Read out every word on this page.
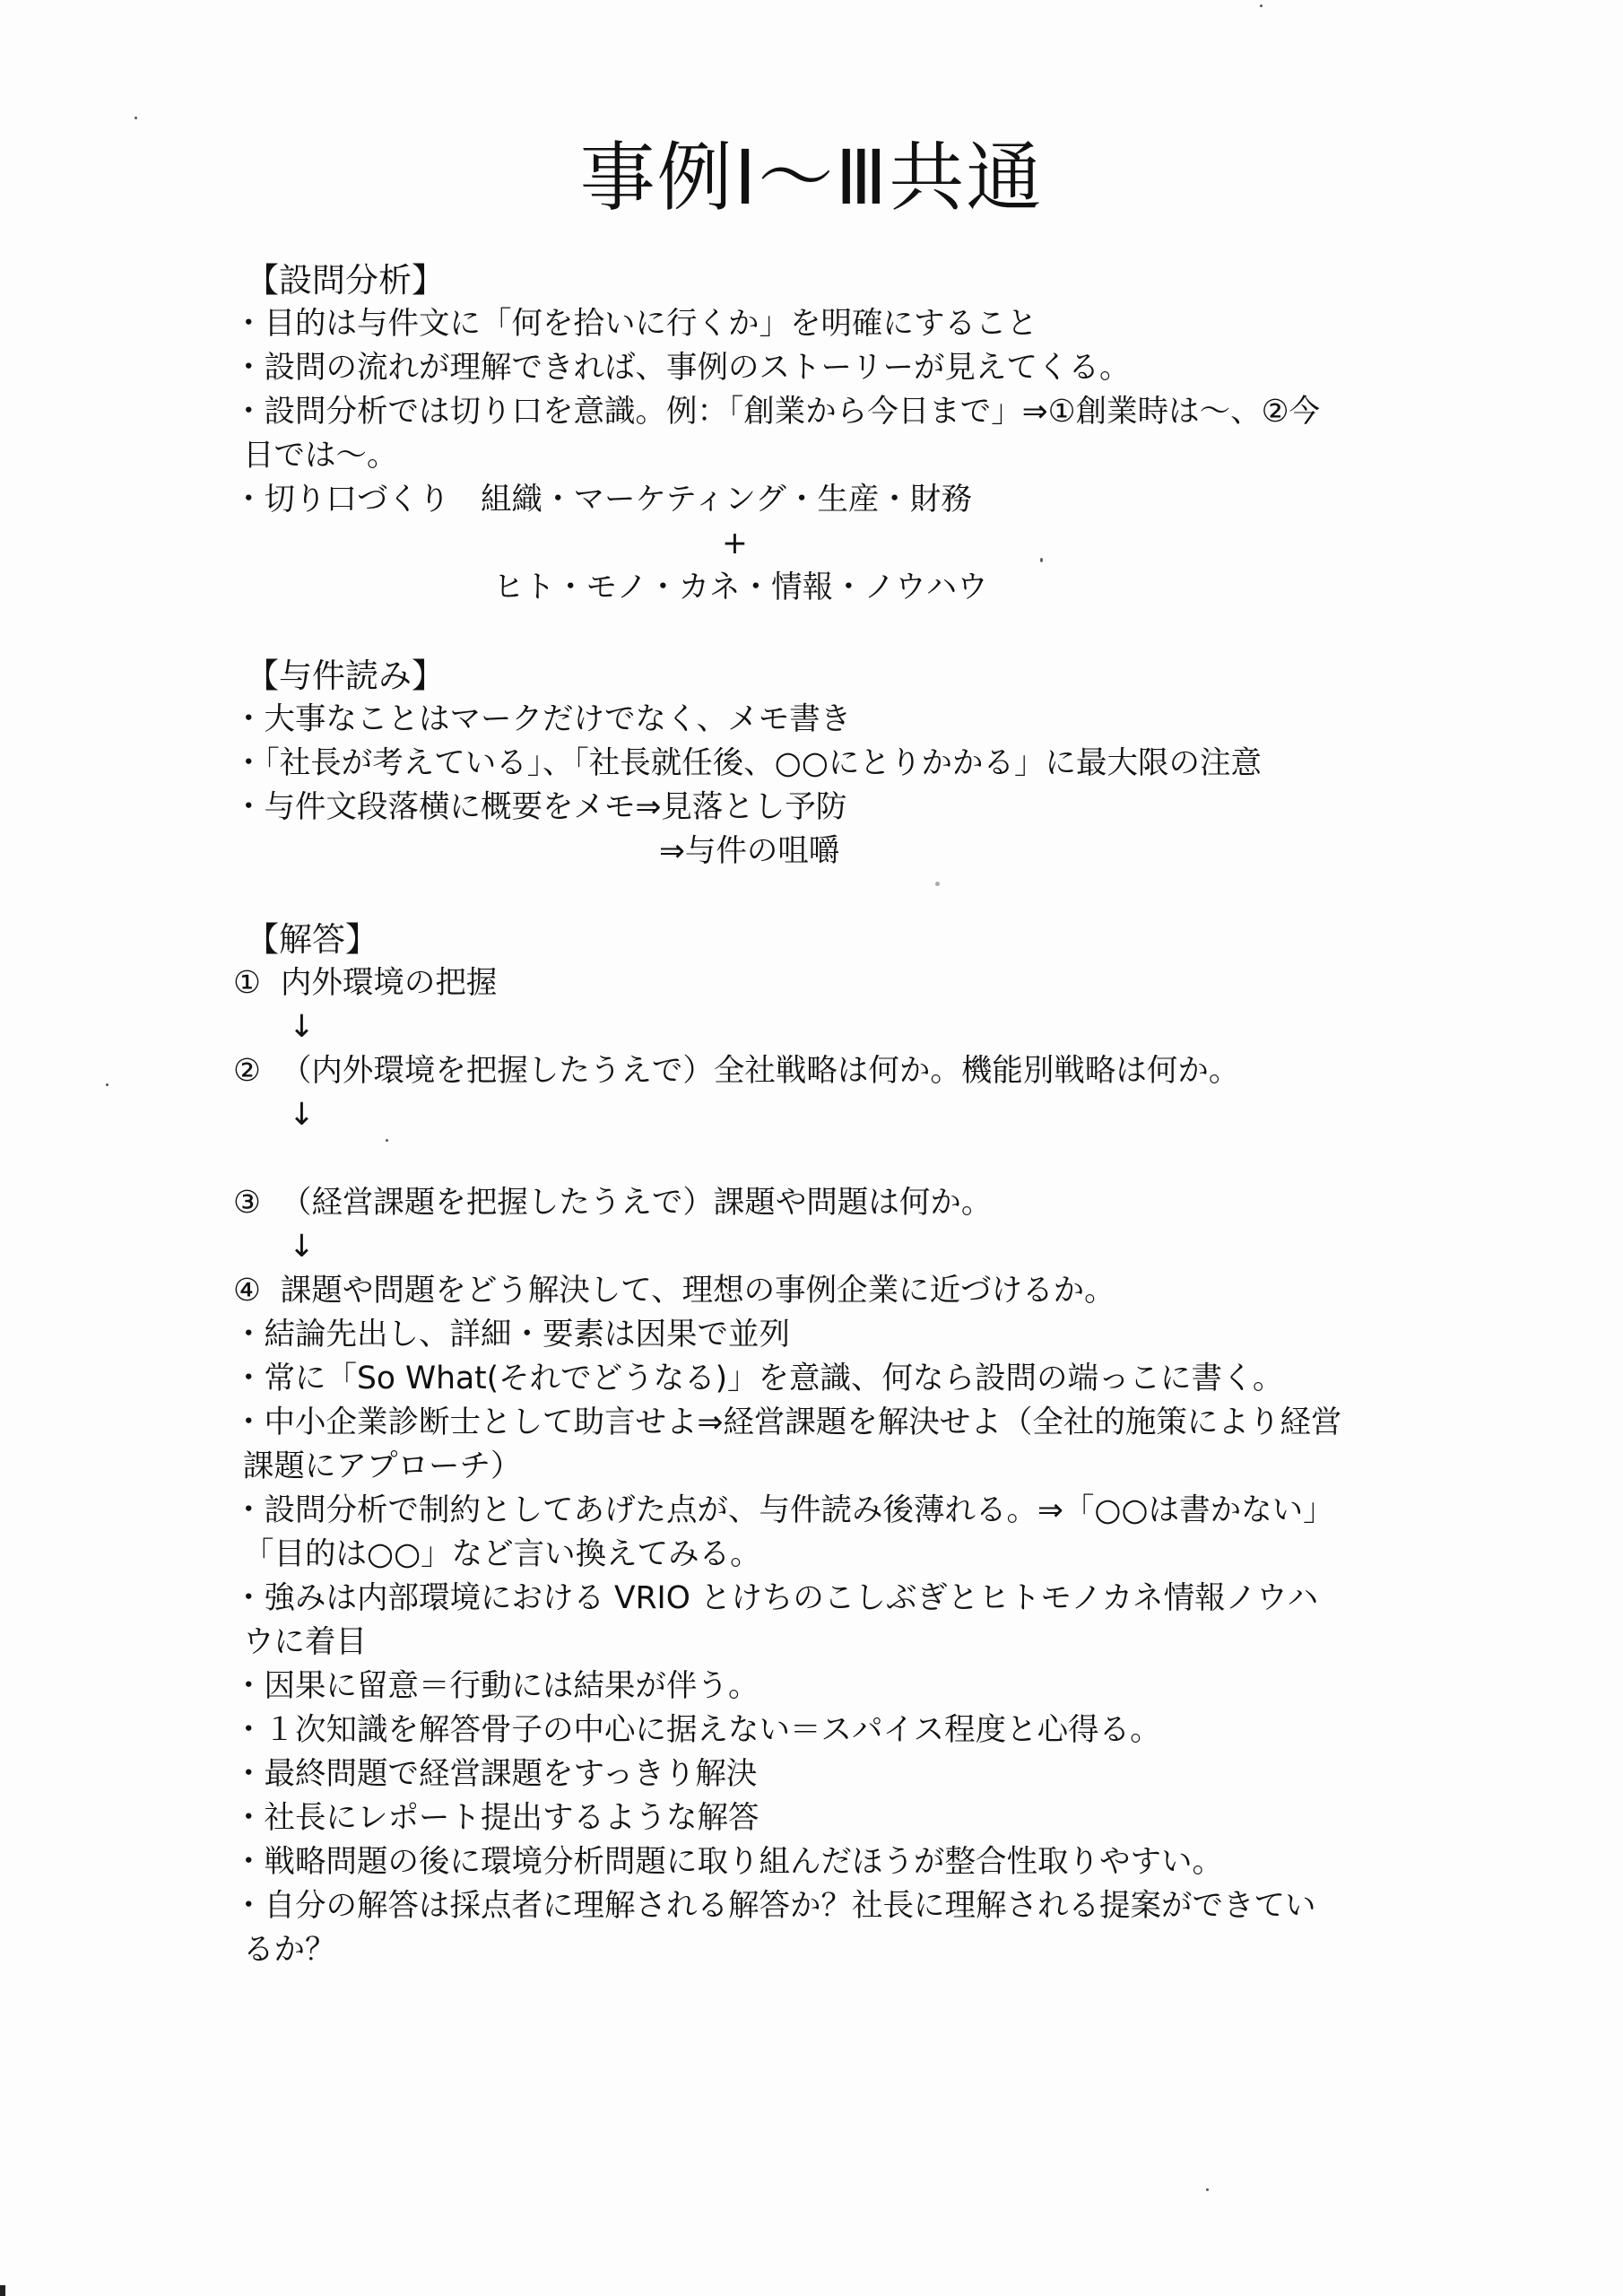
事例Ⅰ～Ⅲ共通
【設問分析】
・目的は与件文に「何を拾いに行くか」を明確にすること
・設問の流れが理解できれば、事例のストーリーが見えてくる。
・設問分析では切り口を意識。例：「創業から今日まで」⇒①創業時は～、②今
日では～。
・切り口づくり　組織・マーケティング・生産・財務
+
ヒト・モノ・カネ・情報・ノウハウ
【与件読み】
・大事なことはマークだけでなく、メモ書き
・「社長が考えている」、「社長就任後、○○にとりかかる」に最大限の注意
・与件文段落横に概要をメモ⇒見落とし予防
⇒与件の咀嚼
【解答】
①  内外環境の把握
↓
②  （内外環境を把握したうえで）全社戦略は何か。機能別戦略は何か。
↓
③  （経営課題を把握したうえで）課題や問題は何か。
↓
④  課題や問題をどう解決して、理想の事例企業に近づけるか。
・結論先出し、詳細・要素は因果で並列
・常に「So What(それでどうなる)」を意識、何なら設問の端っこに書く。
・中小企業診断士として助言せよ⇒経営課題を解決せよ（全社的施策により経営
課題にアプローチ）
・設問分析で制約としてあげた点が、与件読み後薄れる。⇒「○○は書かない」
「目的は○○」など言い換えてみる。
・強みは内部環境における VRIO とけちのこしぶぎとヒトモノカネ情報ノウハ
ウに着目
・因果に留意＝行動には結果が伴う。
・１次知識を解答骨子の中心に据えない＝スパイス程度と心得る。
・最終問題で経営課題をすっきり解決
・社長にレポート提出するような解答
・戦略問題の後に環境分析問題に取り組んだほうが整合性取りやすい。
・自分の解答は採点者に理解される解答か？社長に理解される提案ができてい
るか？
